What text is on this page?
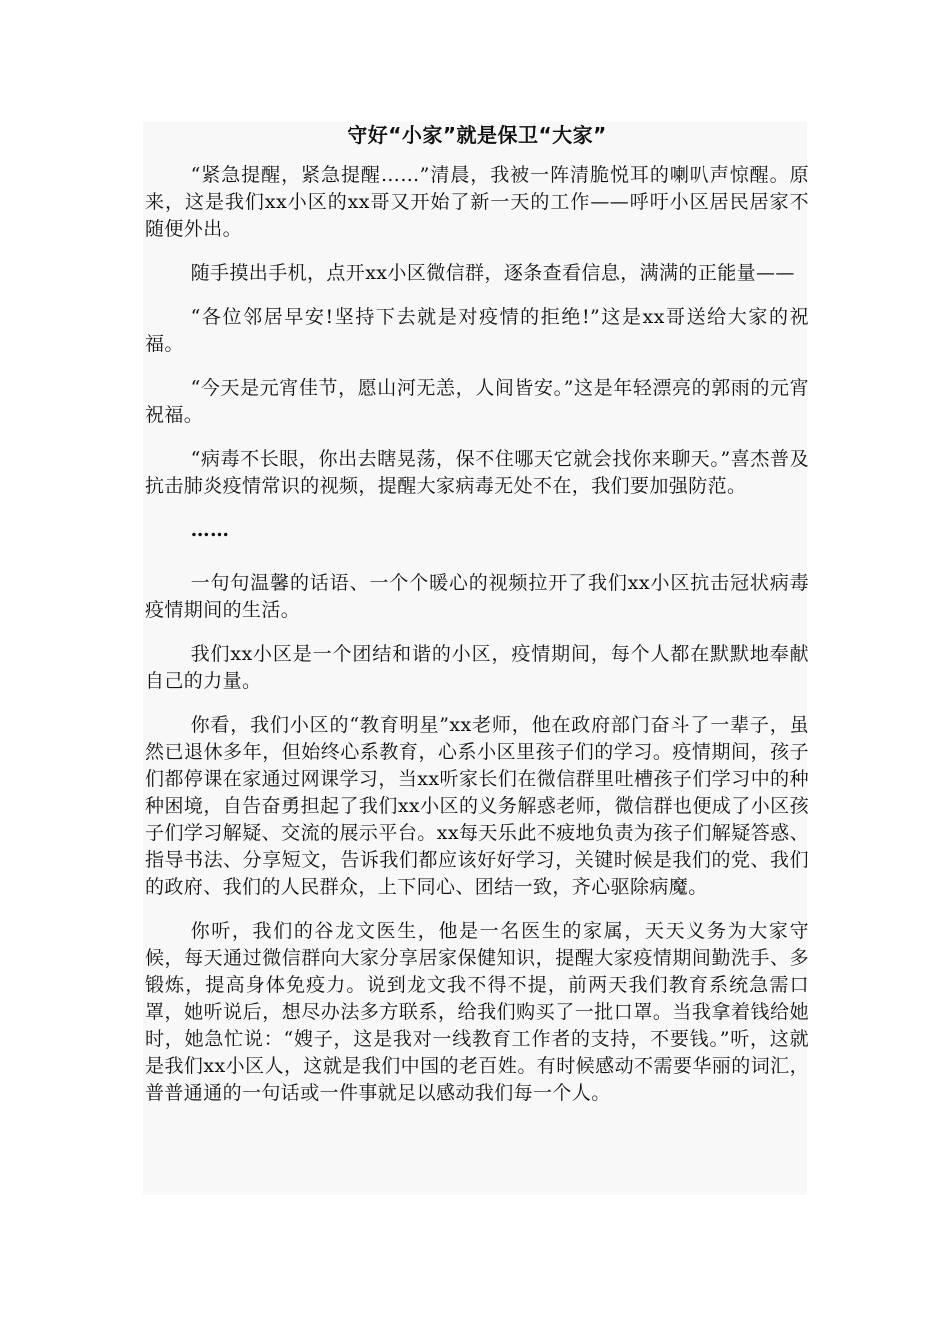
守好“小家”就是保卫“大家”

“紧急提醒，紧急提醒……”清晨，我被一阵清脆悦耳的喇叭声惊醒。原来，这是我们xx小区的xx哥又开始了新一天的工作——呼吁小区居民居家不随便外出。

随手摸出手机，点开xx小区微信群，逐条查看信息，满满的正能量——

“各位邻居早安!坚持下去就是对疫情的拒绝!”这是xx哥送给大家的祝福。

“今天是元宵佳节，愿山河无恙，人间皆安。”这是年轻漂亮的郭雨的元宵祝福。

“病毒不长眼，你出去瞎晃荡，保不住哪天它就会找你来聊天。”喜杰普及抗击肺炎疫情常识的视频，提醒大家病毒无处不在，我们要加强防范。

……

一句句温馨的话语、一个个暖心的视频拉开了我们xx小区抗击冠状病毒疫情期间的生活。

我们xx小区是一个团结和谐的小区，疫情期间，每个人都在默默地奉献自己的力量。

你看，我们小区的“教育明星”xx老师，他在政府部门奋斗了一辈子，虽然已退休多年，但始终心系教育，心系小区里孩子们的学习。疫情期间，孩子们都停课在家通过网课学习，当xx听家长们在微信群里吐槽孩子们学习中的种种困境，自告奋勇担起了我们xx小区的义务解惑老师，微信群也便成了小区孩子们学习解疑、交流的展示平台。xx每天乐此不疲地负责为孩子们解疑答惑、指导书法、分享短文，告诉我们都应该好好学习，关键时候是我们的党、我们的政府、我们的人民群众，上下同心、团结一致，齐心驱除病魔。

你听，我们的谷龙文医生，他是一名医生的家属，天天义务为大家守候，每天通过微信群向大家分享居家保健知识，提醒大家疫情期间勤洗手、多锻炼，提高身体免疫力。说到龙文我不得不提，前两天我们教育系统急需口罩，她听说后，想尽办法多方联系，给我们购买了一批口罩。当我拿着钱给她时，她急忙说：“嫂子，这是我对一线教育工作者的支持，不要钱。”听，这就是我们xx小区人，这就是我们中国的老百姓。有时候感动不需要华丽的词汇，普普通通的一句话或一件事就足以感动我们每一个人。
